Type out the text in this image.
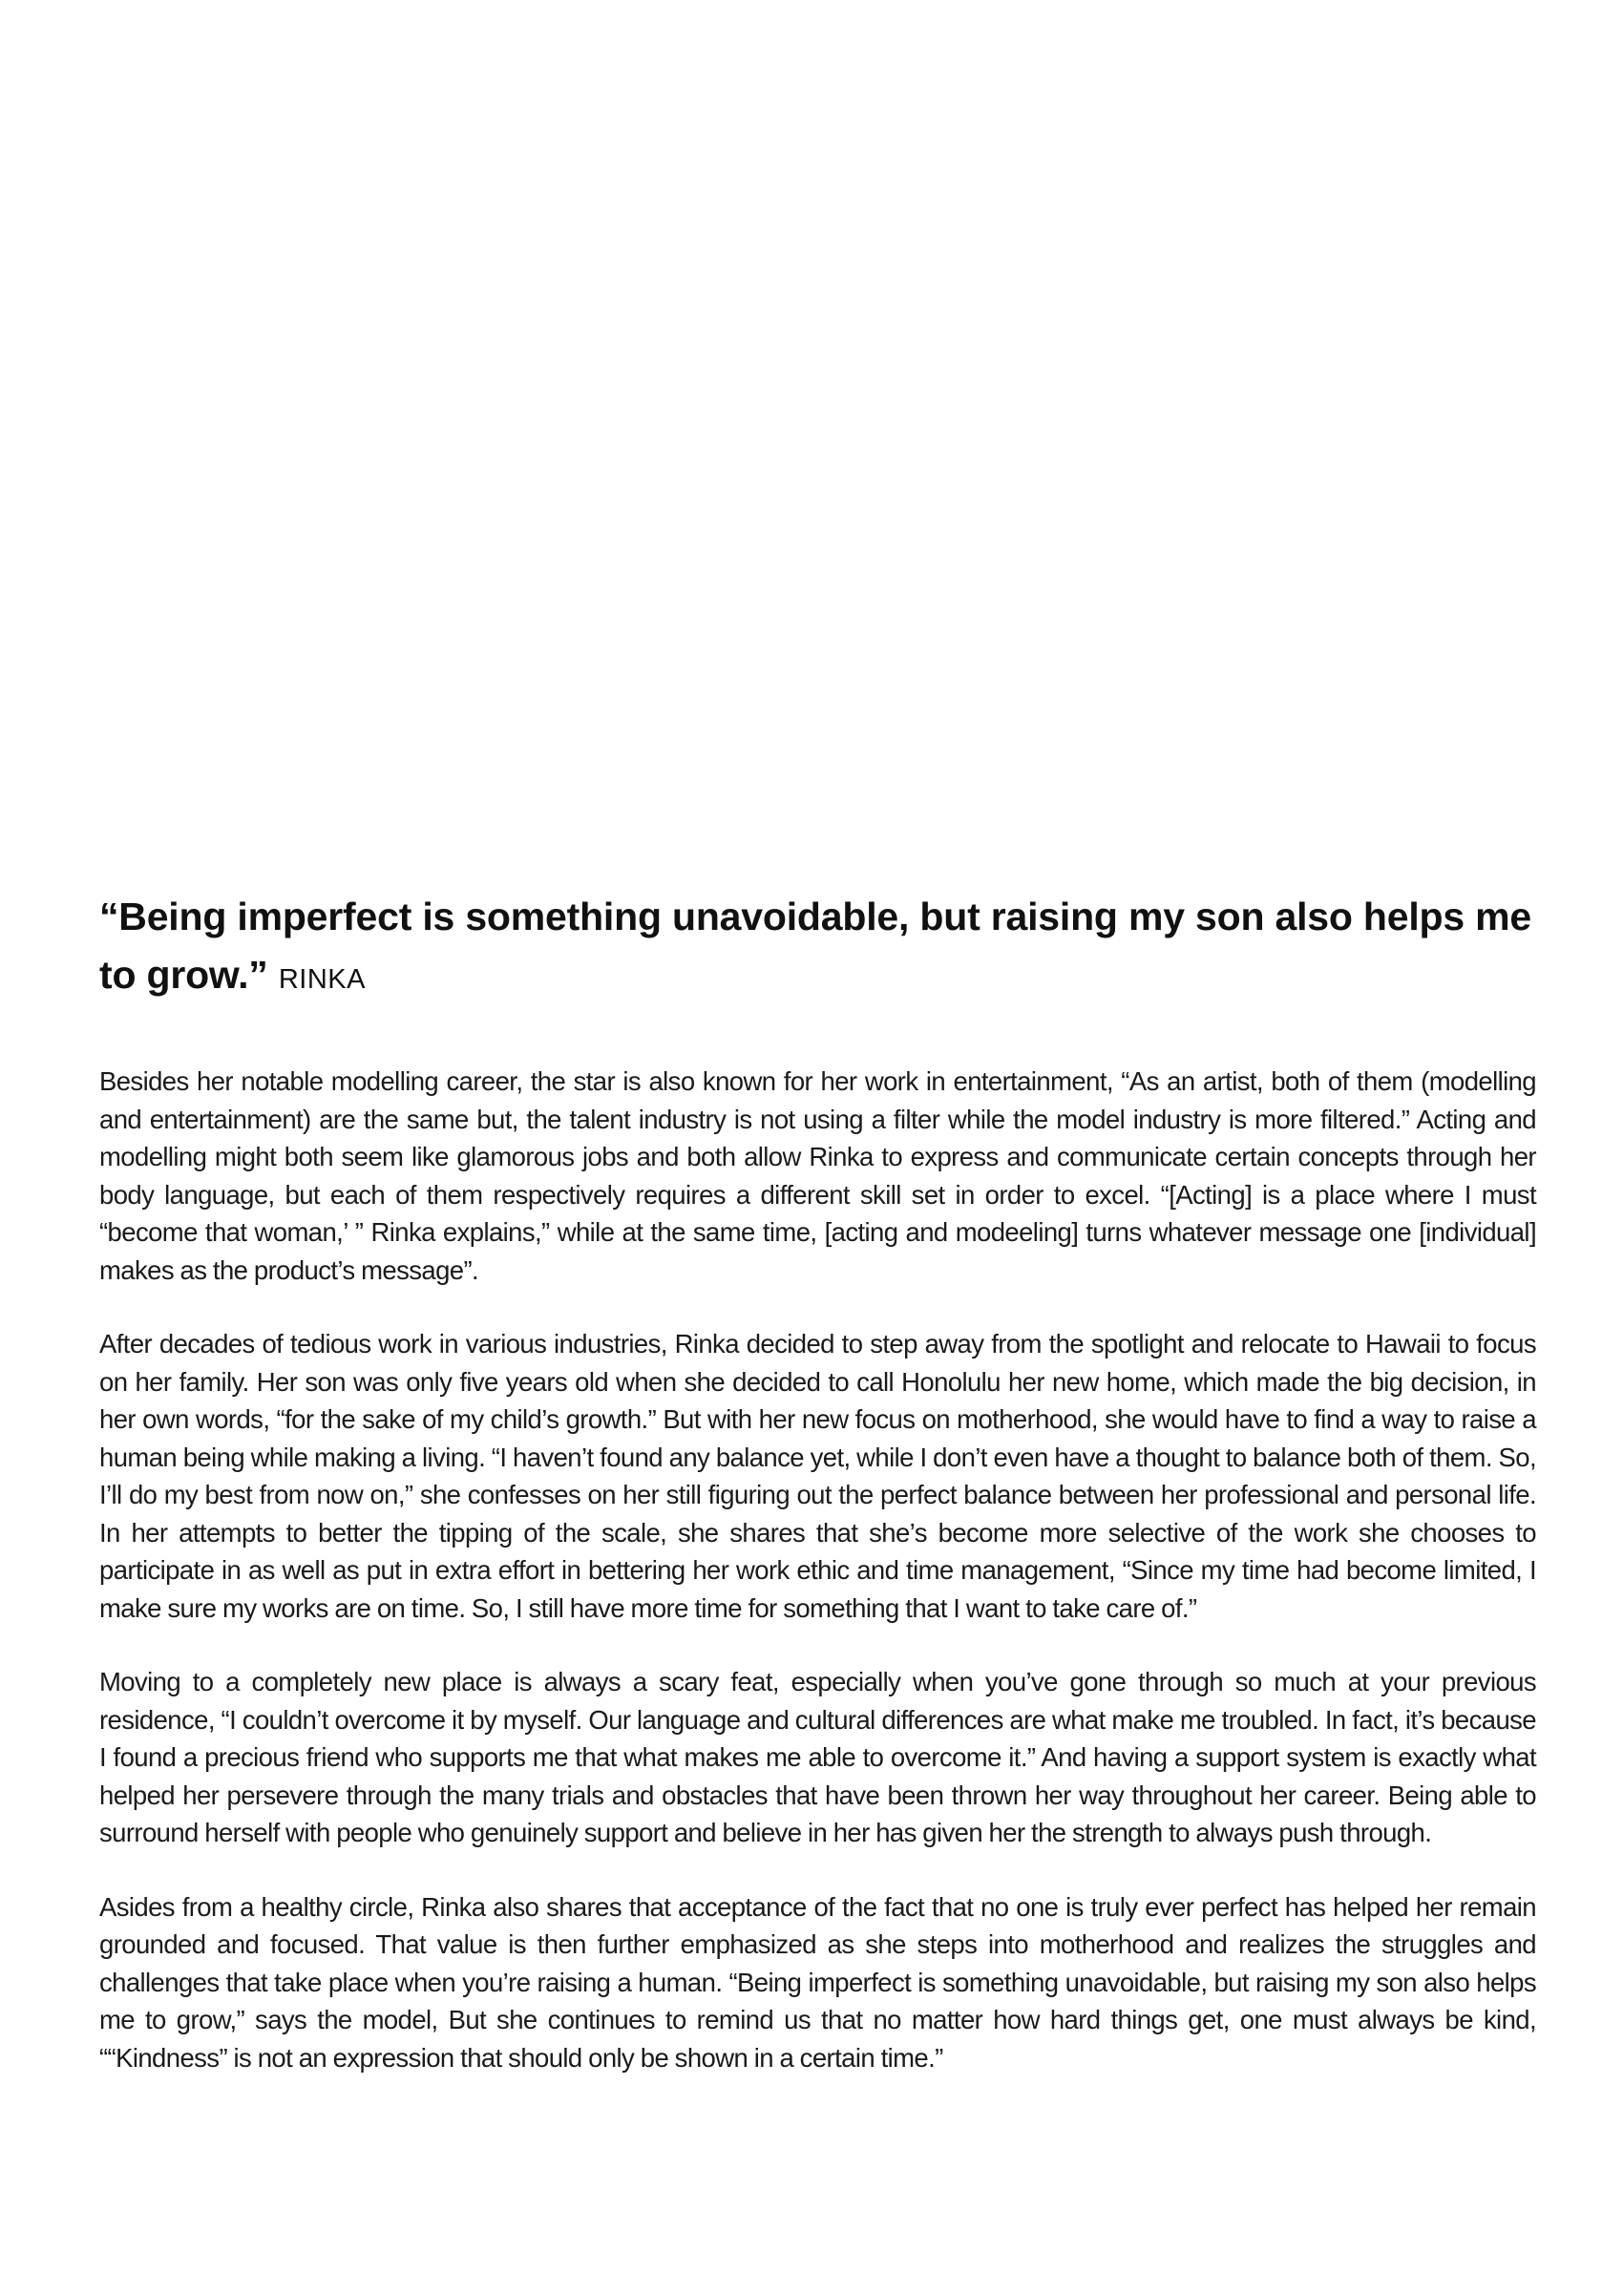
“Being imperfect is something unavoidable, but raising my son also helps me to grow.” RINKA

Besides her notable modelling career, the star is also known for her work in entertainment, “As an artist, both of them (modelling and entertainment) are the same but, the talent industry is not using a filter while the model industry is more filtered.” Acting and modelling might both seem like glamorous jobs and both allow Rinka to express and communicate certain concepts through her body language, but each of them respectively requires a different skill set in order to excel. “[Acting] is a place where I must “become that woman,’ ” Rinka explains,” while at the same time, [acting and modeeling] turns whatever message one [individual] makes as the product’s message”.

After decades of tedious work in various industries, Rinka decided to step away from the spotlight and relocate to Hawaii to focus on her family. Her son was only five years old when she decided to call Honolulu her new home, which made the big decision, in her own words, “for the sake of my child’s growth.” But with her new focus on motherhood, she would have to find a way to raise a human being while making a living. “I haven’t found any balance yet, while I don’t even have a thought to balance both of them. So, I’ll do my best from now on,” she confesses on her still figuring out the perfect balance between her professional and personal life. In her attempts to better the tipping of the scale, she shares that she’s become more selective of the work she chooses to participate in as well as put in extra effort in bettering her work ethic and time management, “Since my time had become limited, I make sure my works are on time. So, I still have more time for something that I want to take care of.”

Moving to a completely new place is always a scary feat, especially when you’ve gone through so much at your previous residence, “I couldn’t overcome it by myself. Our language and cultural differences are what make me troubled. In fact, it’s because I found a precious friend who supports me that what makes me able to overcome it.” And having a support system is exactly what helped her persevere through the many trials and obstacles that have been thrown her way throughout her career. Being able to surround herself with people who genuinely support and believe in her has given her the strength to always push through.

Asides from a healthy circle, Rinka also shares that acceptance of the fact that no one is truly ever perfect has helped her remain grounded and focused. That value is then further emphasized as she steps into motherhood and realizes the struggles and challenges that take place when you’re raising a human. “Being imperfect is something unavoidable, but raising my son also helps me to grow,” says the model, But she continues to remind us that no matter how hard things get, one must always be kind, ““Kindness” is not an expression that should only be shown in a certain time.”
